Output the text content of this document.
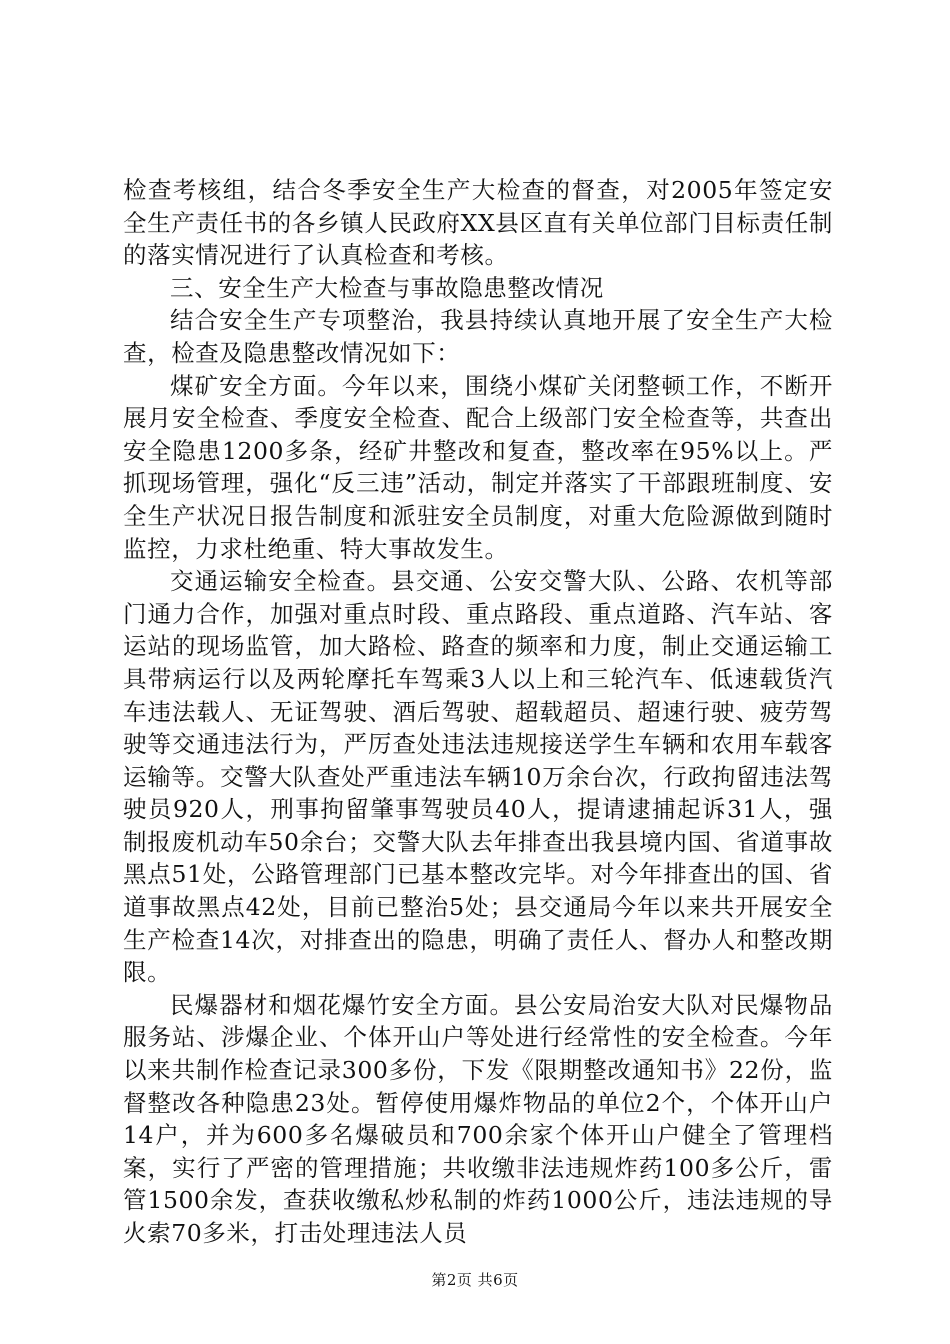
检查考核组，结合冬季安全生产大检查的督查，对2005年签定安全生产责任书的各乡镇人民政府XX县区直有关单位部门目标责任制的落实情况进行了认真检查和考核。

三、安全生产大检查与事故隐患整改情况

结合安全生产专项整治，我县持续认真地开展了安全生产大检查，检查及隐患整改情况如下：

煤矿安全方面。今年以来，围绕小煤矿关闭整顿工作，不断开展月安全检查、季度安全检查、配合上级部门安全检查等，共查出安全隐患1200多条，经矿井整改和复查，整改率在95%以上。严抓现场管理，强化“反三违”活动，制定并落实了干部跟班制度、安全生产状况日报告制度和派驻安全员制度，对重大危险源做到随时监控，力求杜绝重、特大事故发生。

交通运输安全检查。县交通、公安交警大队、公路、农机等部门通力合作，加强对重点时段、重点路段、重点道路、汽车站、客运站的现场监管，加大路检、路查的频率和力度，制止交通运输工具带病运行以及两轮摩托车驾乘3人以上和三轮汽车、低速载货汽车违法载人、无证驾驶、酒后驾驶、超载超员、超速行驶、疲劳驾驶等交通违法行为，严厉查处违法违规接送学生车辆和农用车载客运输等。交警大队查处严重违法车辆10万余台次，行政拘留违法驾驶员920人，刑事拘留肇事驾驶员40人，提请逮捕起诉31人，强制报废机动车50余台；交警大队去年排查出我县境内国、省道事故黑点51处，公路管理部门已基本整改完毕。对今年排查出的国、省道事故黑点42处，目前已整治5处；县交通局今年以来共开展安全生产检查14次，对排查出的隐患，明确了责任人、督办人和整改期限。

民爆器材和烟花爆竹安全方面。县公安局治安大队对民爆物品服务站、涉爆企业、个体开山户等处进行经常性的安全检查。今年以来共制作检查记录300多份，下发《限期整改通知书》22份，监督整改各种隐患23处。暂停使用爆炸物品的单位2个，个体开山户14户，并为600多名爆破员和700余家个体开山户健全了管理档案，实行了严密的管理措施；共收缴非法违规炸药100多公斤，雷管1500余发，查获收缴私炒私制的炸药1000公斤，违法违规的导火索70多米，打击处理违法人员

第2页 共6页
